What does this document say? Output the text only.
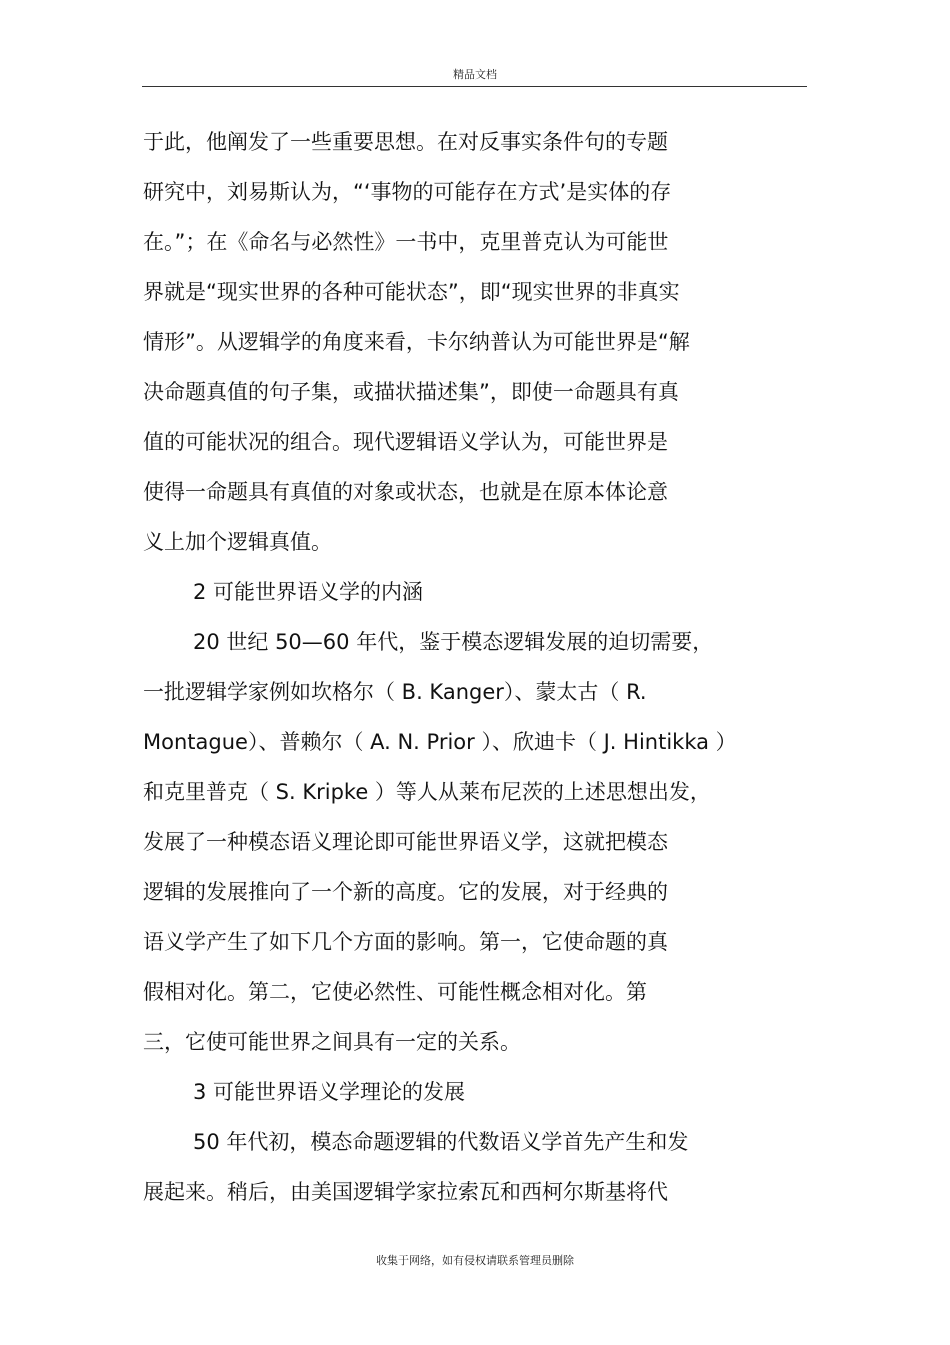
精品文档
于此，他阐发了一些重要思想。在对反事实条件句的专题
研究中，刘易斯认为，“‘事物的可能存在方式’是实体的存
在。”；在《命名与必然性》一书中，克里普克认为可能世
界就是“现实世界的各种可能状态”，即“现实世界的非真实
情形”。从逻辑学的角度来看，卡尔纳普认为可能世界是“解
决命题真值的句子集，或描状描述集”，即使一命题具有真
值的可能状况的组合。现代逻辑语义学认为，可能世界是
使得一命题具有真值的对象或状态，也就是在原本体论意
义上加个逻辑真值。
2 可能世界语义学的内涵
20 世纪 50—60 年代，鉴于模态逻辑发展的迫切需要，
一批逻辑学家例如坎格尔（ B. Kanger）、蒙太古（ R.
Montague）、普赖尔（ A. N. Prior ）、欣迪卡（ J. Hintikka ）
和克里普克（ S. Kripke ）等人从莱布尼茨的上述思想出发，
发展了一种模态语义理论即可能世界语义学，这就把模态
逻辑的发展推向了一个新的高度。它的发展，对于经典的
语义学产生了如下几个方面的影响。第一，它使命题的真
假相对化。第二，它使必然性、可能性概念相对化。第
三，它使可能世界之间具有一定的关系。
3 可能世界语义学理论的发展
50 年代初，模态命题逻辑的代数语义学首先产生和发
展起来。稍后，由美国逻辑学家拉索瓦和西柯尔斯基将代
收集于网络，如有侵权请联系管理员删除
